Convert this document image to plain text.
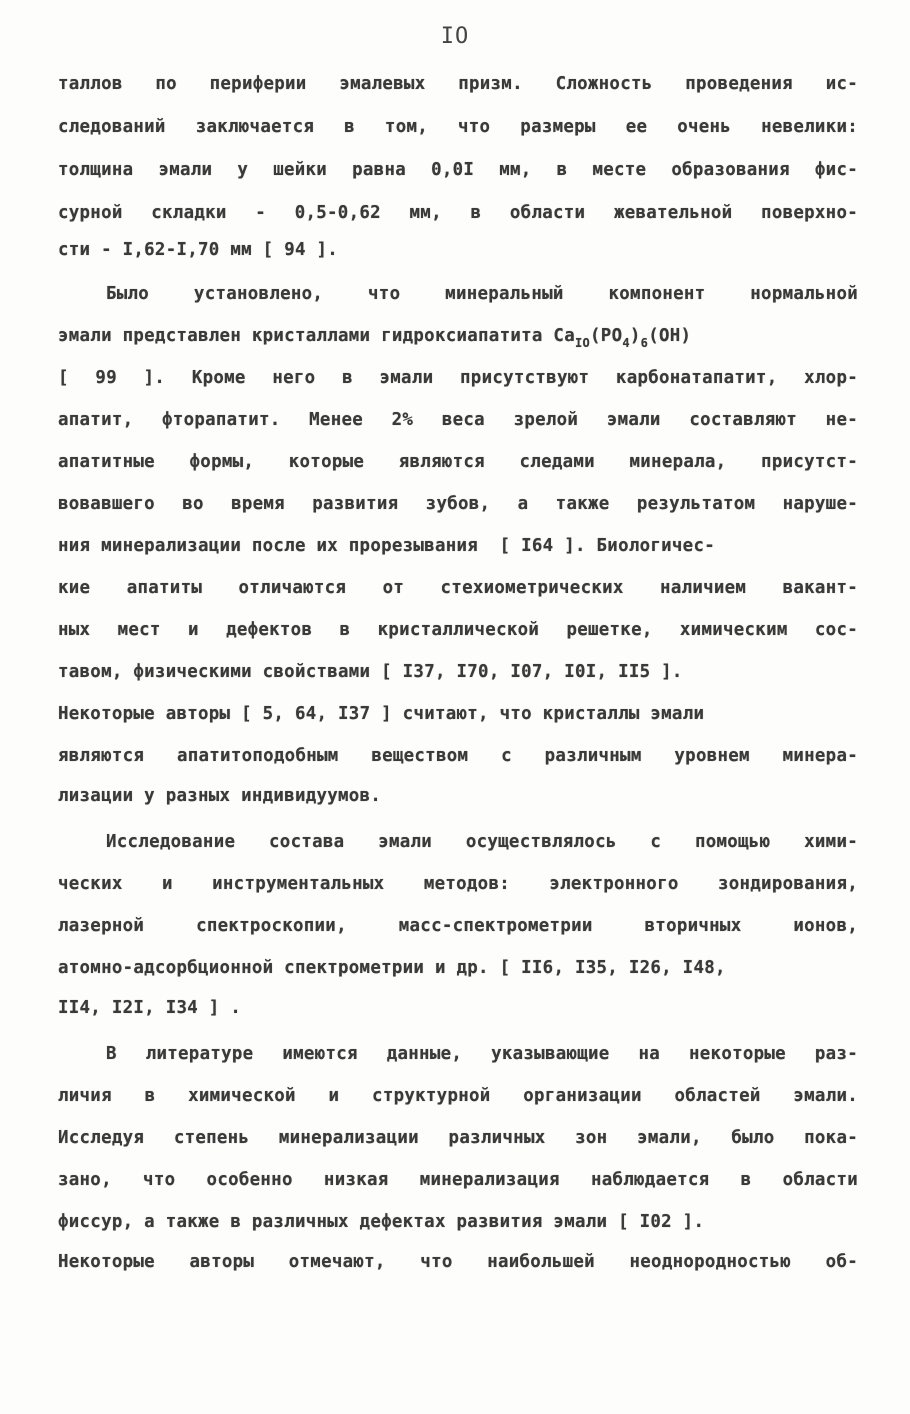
IO
таллов по периферии эмалевых призм. Сложность проведения ис-
следований заключается в том, что размеры ее очень невелики:
толщина эмали у шейки равна 0,0I мм, в месте образования фис-
сурной складки - 0,5-0,62 мм, в области жевательной поверхно-
сти - I,62-I,70 мм [ 94 ].
Было установлено, что минеральный компонент нормальной
эмали представлен кристаллами гидроксиапатита $Ca_{IO}(PO_4)_6(OH)$
[ 99 ]. Кроме него в эмали присутствуют карбонатапатит, хлор-
апатит, фторапатит. Менее 2% веса зрелой эмали составляют не-
апатитные формы, которые являются следами минерала, присутст-
вовавшего во время развития зубов, а также результатом наруше-
ния минерализации после их прорезывания [ I64 ]. Биологичес-
кие апатиты отличаются от стехиометрических наличием вакант-
ных мест и дефектов в кристаллической решетке, химическим сос-
тавом, физическими свойствами [ I37, I70, I07, I0I, II5 ].
Некоторые авторы [ 5, 64, I37 ] считают, что кристаллы эмали
являются апатитоподобным веществом с различным уровнем минера-
лизации у разных индивидуумов.
Исследование состава эмали осуществлялось с помощью хими-
ческих и инструментальных методов: электронного зондирования,
лазерной спектроскопии, масс-спектрометрии вторичных ионов,
атомно-адсорбционной спектрометрии и др. [ II6, I35, I26, I48,
II4, I2I, I34 ] .
В литературе имеются данные, указывающие на некоторые раз-
личия в химической и структурной организации областей эмали.
Исследуя степень минерализации различных зон эмали, было пока-
зано, что особенно низкая минерализация наблюдается в области
фиссур, а также в различных дефектах развития эмали [ I02 ].
Некоторые авторы отмечают, что наибольшей неоднородностью об-
